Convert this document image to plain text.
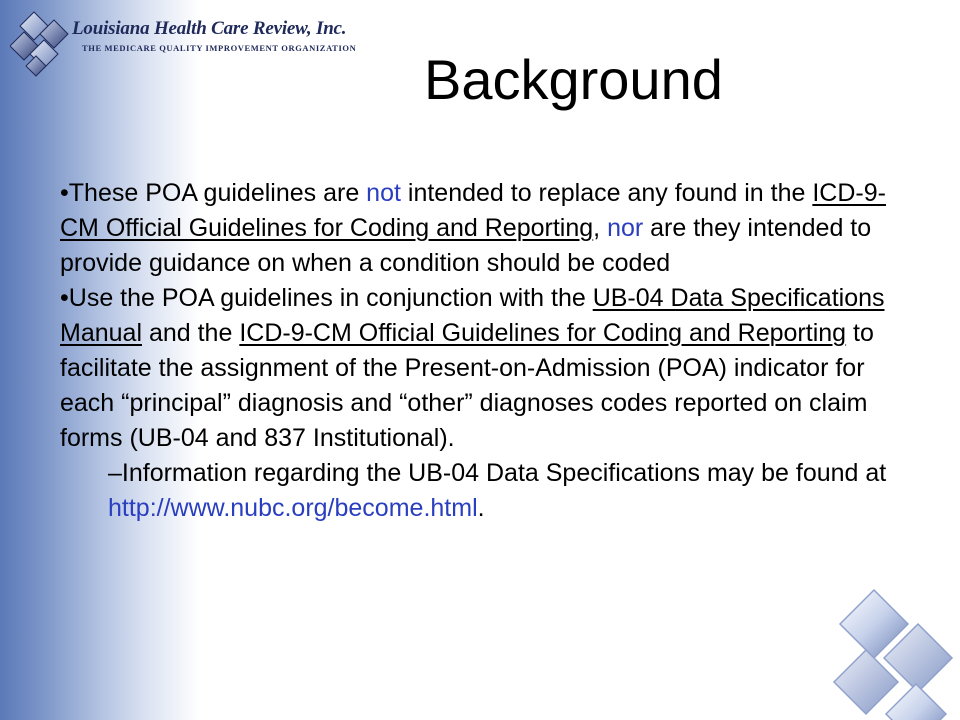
Louisiana Health Care Review, Inc.
THE MEDICARE QUALITY IMPROVEMENT ORGANIZATION Background

•These POA guidelines are not intended to replace any found in the ICD-9-CM Official Guidelines for Coding and Reporting, nor are they intended to provide guidance on when a condition should be coded

•Use the POA guidelines in conjunction with the UB-04 Data Specifications Manual and the ICD-9-CM Official Guidelines for Coding and Reporting to facilitate the assignment of the Present-on-Admission (POA) indicator for each “principal” diagnosis and “other” diagnoses codes reported on claim forms (UB-04 and 837 Institutional).

–Information regarding the UB-04 Data Specifications may be found at http://www.nubc.org/become.html.
